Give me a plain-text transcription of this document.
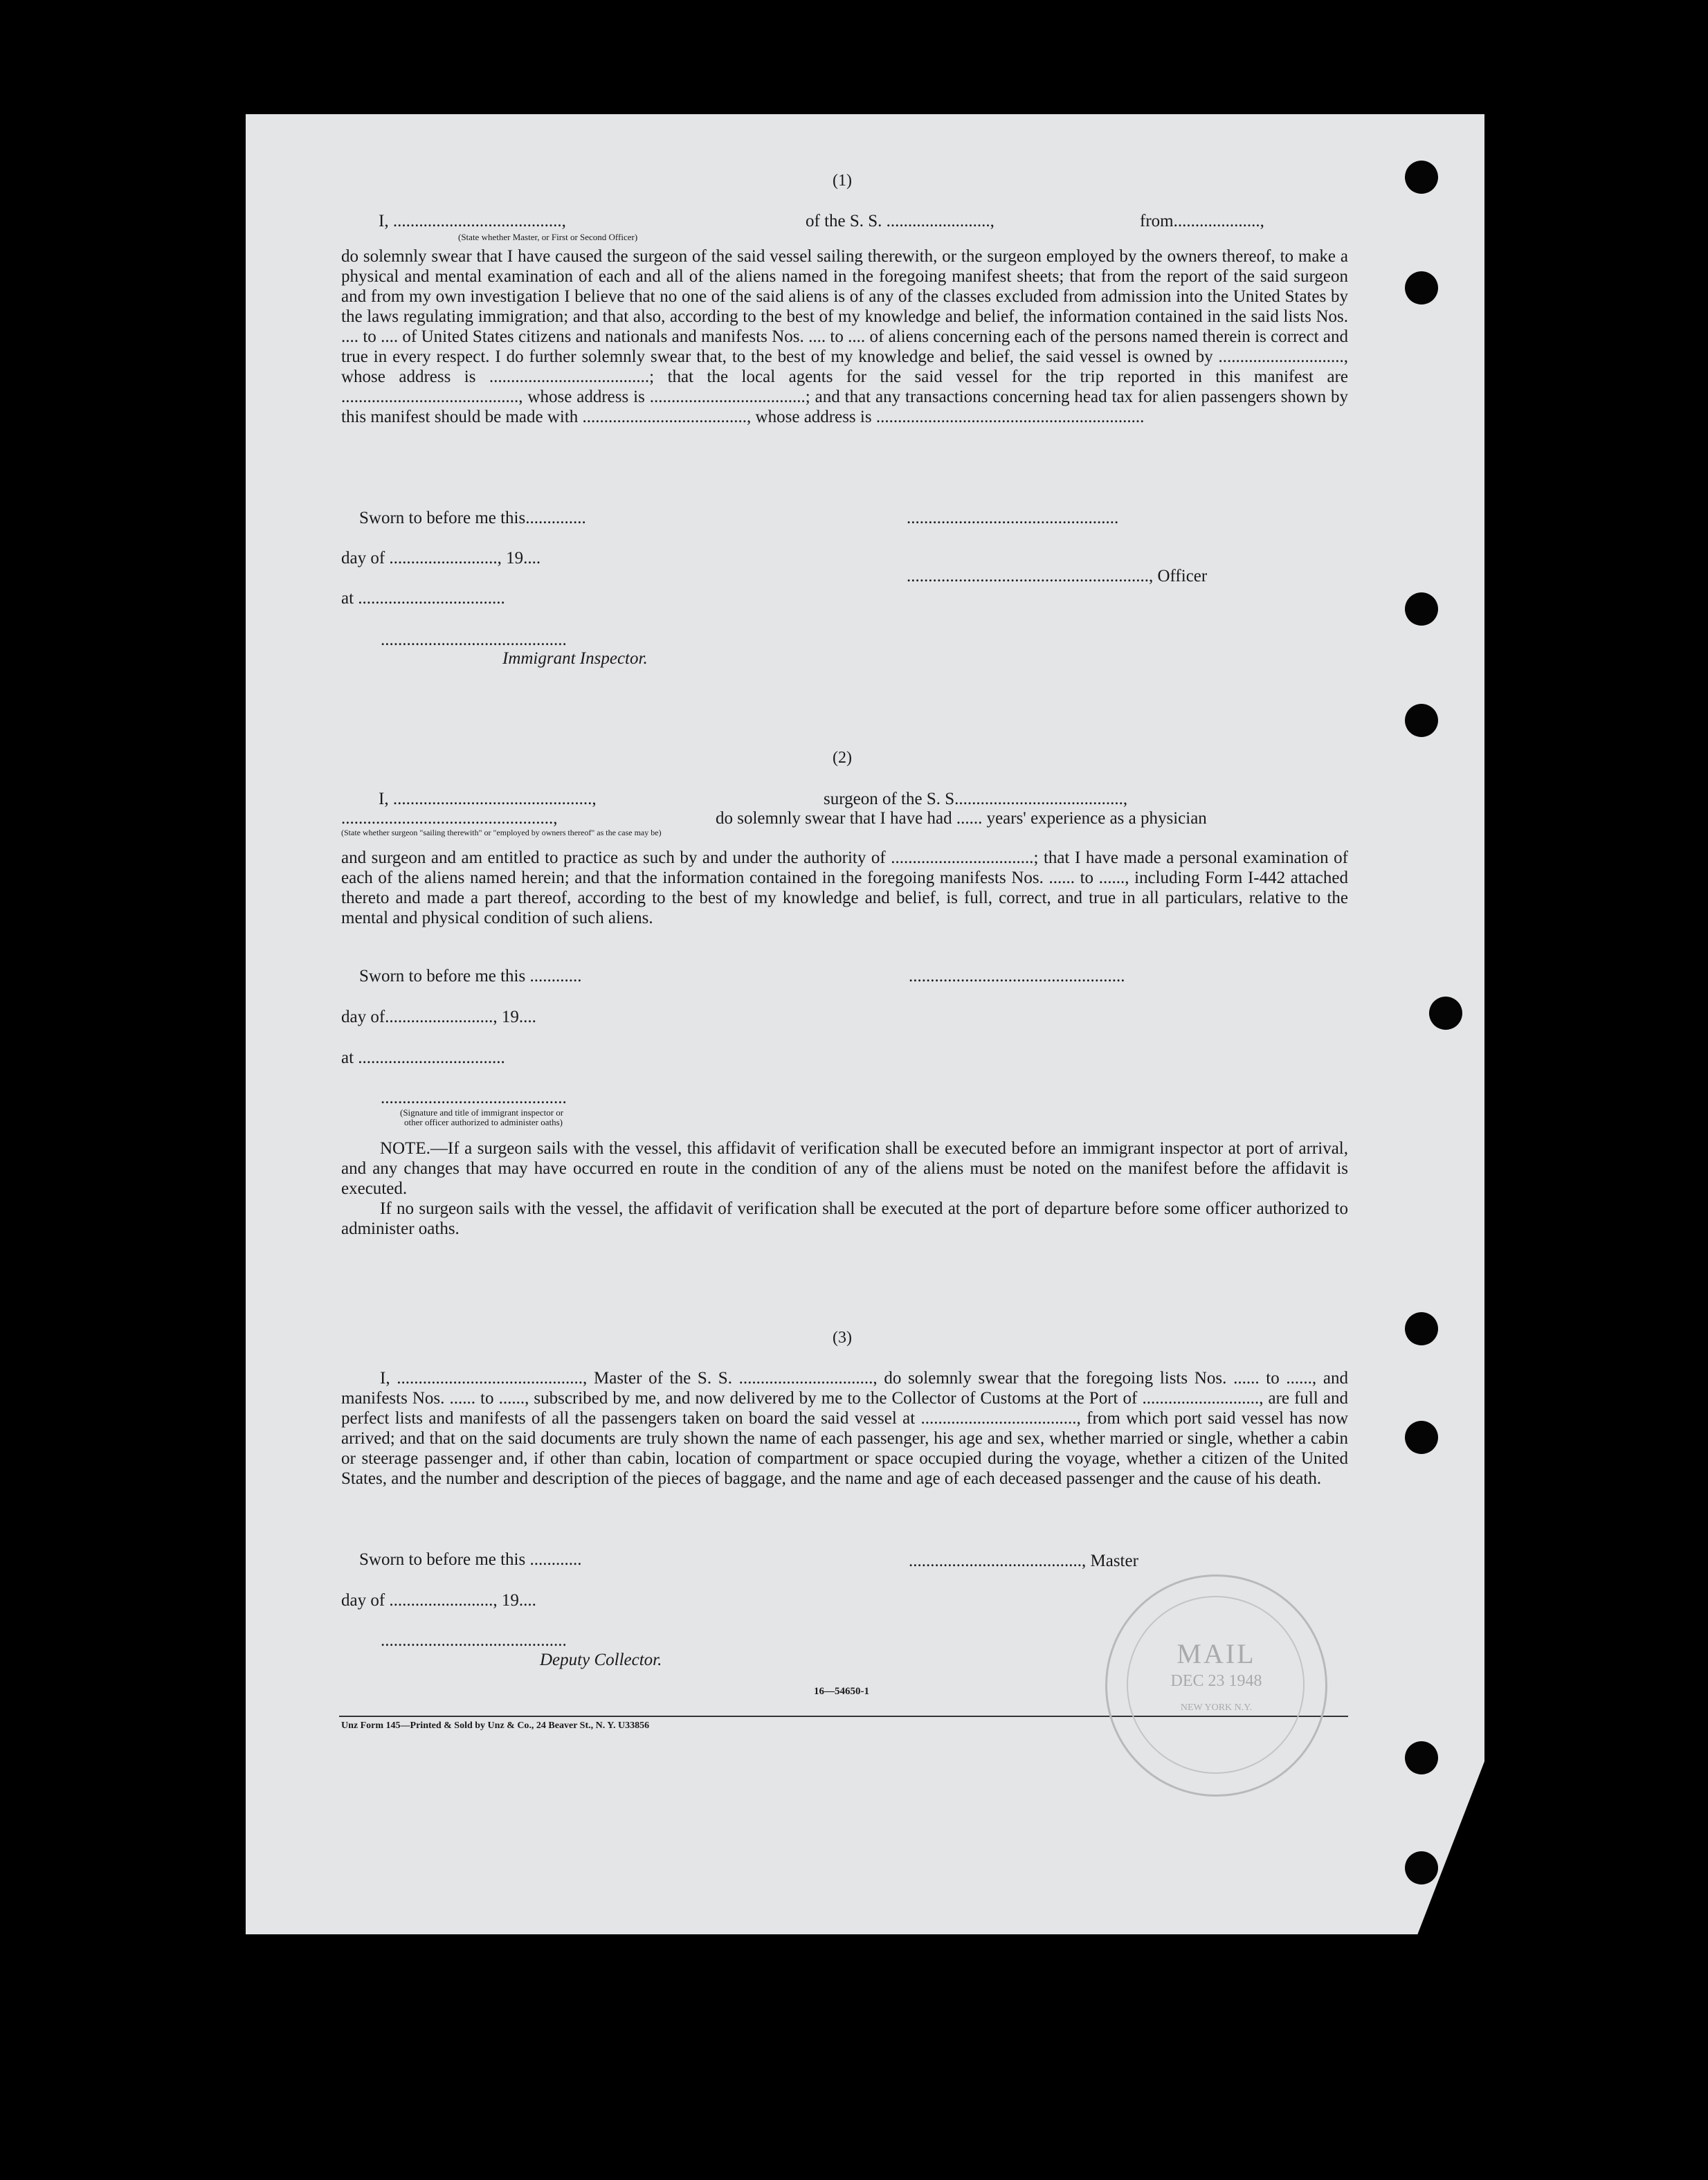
(1)
I, .......................................,	of the S. S. ........................,	from....................,
(State whether Master, or First or Second Officer)

do solemnly swear that I have caused the surgeon of the said vessel sailing therewith, or the surgeon employed by the owners thereof, to make a physical and mental examination of each and all of the aliens named in the foregoing manifest sheets; that from the report of the said surgeon and from my own investigation I believe that no one of the said aliens is of any of the classes excluded from admission into the United States by the laws regulating immigration; and that also, according to the best of my knowledge and belief, the information contained in the said lists Nos. .... to .... of United States citizens and nationals and manifests Nos. .... to .... of aliens concerning each of the persons named therein is correct and true in every respect. I do further solemnly swear that, to the best of my knowledge and belief, the said vessel is owned by ............................., whose address is .....................................; that the local agents for the said vessel for the trip reported in this manifest are ........................................., whose address is ....................................; and that any transactions concerning head tax for alien passengers shown by this manifest should be made with ......................................, whose address is ..............................................................

Sworn to before me this..............	.................................................
day of ........................., 19....
........................................................, Officer
at ..................................
...........................................
Immigrant Inspector.
(2)
I, ..............................................,	surgeon of the S. S.......................................,
.................................................,	do solemnly swear that I have had ...... years' experience as a physician
(State whether surgeon "sailing therewith" or "employed by owners thereof" as the case may be)

and surgeon and am entitled to practice as such by and under the authority of .................................; that I have made a personal examination of each of the aliens named herein; and that the information contained in the foregoing manifests Nos. ...... to ......, including Form I-442 attached thereto and made a part thereof, according to the best of my knowledge and belief, is full, correct, and true in all particulars, relative to the mental and physical condition of such aliens.

Sworn to before me this ............	..................................................
day of........................., 19....
at ..................................
...........................................
(Signature and title of immigrant inspector or
other officer authorized to administer oaths)

NOTE.—If a surgeon sails with the vessel, this affidavit of verification shall be executed before an immigrant inspector at port of arrival, and any changes that may have occurred en route in the condition of any of the aliens must be noted on the manifest before the affidavit is executed.

If no surgeon sails with the vessel, the affidavit of verification shall be executed at the port of departure before some officer authorized to administer oaths.

(3)

I, ..........................................., Master of the S. S. ..............................., do solemnly swear that the foregoing lists Nos. ...... to ......, and manifests Nos. ...... to ......, subscribed by me, and now delivered by me to the Collector of Customs at the Port of ..........................., are full and perfect lists and manifests of all the passengers taken on board the said vessel at ...................................., from which port said vessel has now arrived; and that on the said documents are truly shown the name of each passenger, his age and sex, whether married or single, whether a cabin or steerage passenger and, if other than cabin, location of compartment or space occupied during the voyage, whether a citizen of the United States, and the number and description of the pieces of baggage, and the name and age of each deceased passenger and the cause of his death.

Sworn to before me this ............	........................................, Master
day of ........................, 19....
...........................................
Deputy Collector.
16—54650-1
Unz Form 145—Printed & Sold by Unz & Co., 24 Beaver St., N. Y. U33856
MAIL
DEC 23 1948
NEW YORK N.Y.
